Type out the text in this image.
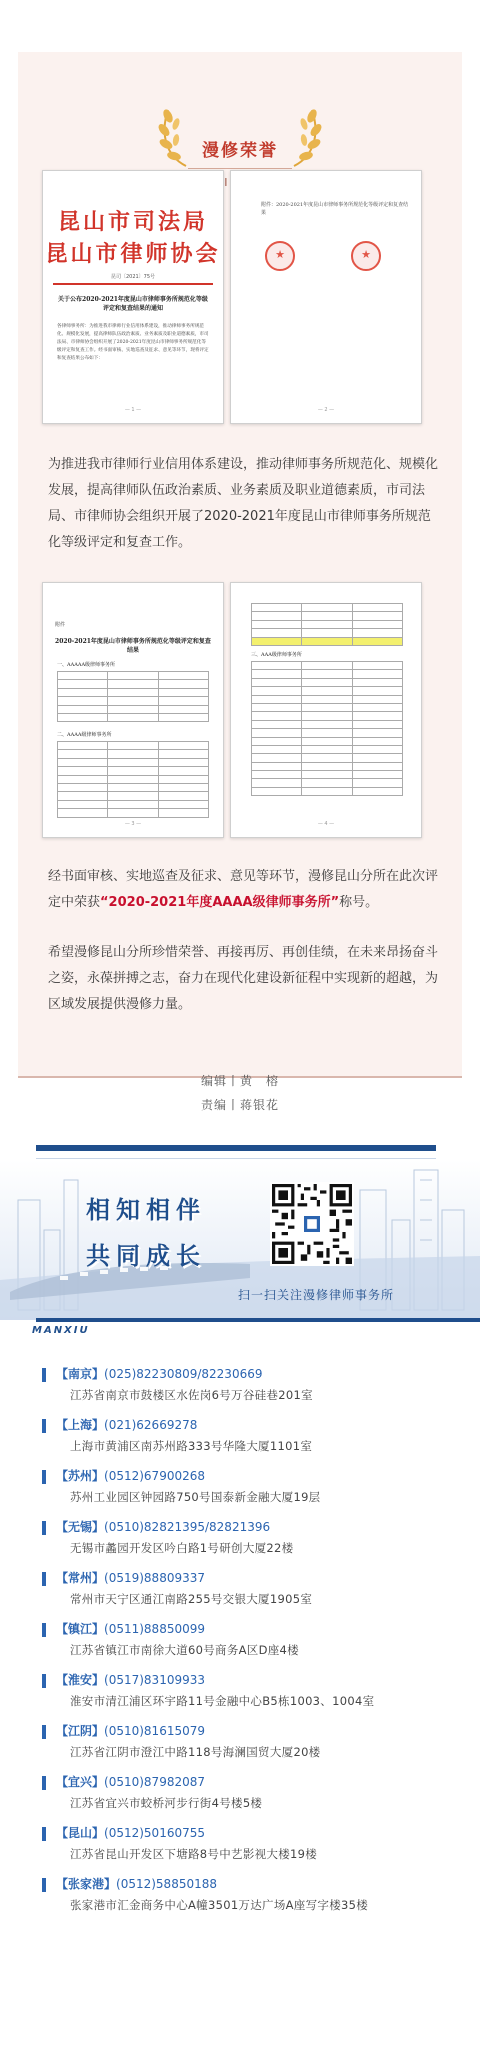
漫修荣誉
昆山市司法局
昆山市律师协会
昆司〔2021〕75号
关于公布2020-2021年度昆山市律师事务所规范化等级评定和复查结果的通知
各律师事务所：为推进我市律师行业信用体系建设，推动律师事务所规范化、规模化发展，提高律师队伍政治素质、业务素质及职业道德素质，市司法局、市律师协会组织开展了2020-2021年度昆山市律师事务所规范化等级评定和复查工作。经书面审核、实地巡查及征求、意见等环节，现将评定和复查结果公布如下：
— 1 —
附件：2020-2021年度昆山市律师事务所规范化等级评定和复查结果
★
★
— 2 —
附件
2020-2021年度昆山市律师事务所规范化等级评定和复查结果
一、AAAAA级律师事务所

二、AAAA级律师事务所

— 3 —

三、AAA级律师事务所

— 4 —
为推进我市律师行业信用体系建设，推动律师事务所规范化、规模化发展，提高律师队伍政治素质、业务素质及职业道德素质，市司法局、市律师协会组织开展了2020-2021年度昆山市律师事务所规范化等级评定和复查工作。
经书面审核、实地巡查及征求、意见等环节，漫修昆山分所在此次评定中荣获“2020-2021年度AAAA级律师事务所”称号。
希望漫修昆山分所珍惜荣誉、再接再厉、再创佳绩，在未来昂扬奋斗之姿，永葆拼搏之志，奋力在现代化建设新征程中实现新的超越，为区域发展提供漫修力量。
编辑丨黄　榕
责编丨蒋银花
相知相伴
共同成长
扫一扫关注漫修律师事务所
MANXIU
【南京】(025)82230809/82230669
江苏省南京市鼓楼区水佐岗6号万谷硅巷201室
【上海】(021)62669278
上海市黄浦区南苏州路333号华隆大厦1101室
【苏州】(0512)67900268
苏州工业园区钟园路750号国泰新金融大厦19层
【无锡】(0510)82821395/82821396
无锡市蠡园开发区吟白路1号研创大厦22楼
【常州】(0519)88809337
常州市天宁区通江南路255号交银大厦1905室
【镇江】(0511)88850099
江苏省镇江市南徐大道60号商务A区D座4楼
【淮安】(0517)83109933
淮安市清江浦区环宇路11号金融中心B5栋1003、1004室
【江阴】(0510)81615079
江苏省江阴市澄江中路118号海澜国贸大厦20楼
【宜兴】(0510)87982087
江苏省宜兴市蛟桥河步行街4号楼5楼
【昆山】(0512)50160755
江苏省昆山开发区下塘路8号中艺影视大楼19楼
【张家港】(0512)58850188
张家港市汇金商务中心A幢3501万达广场A座写字楼35楼
